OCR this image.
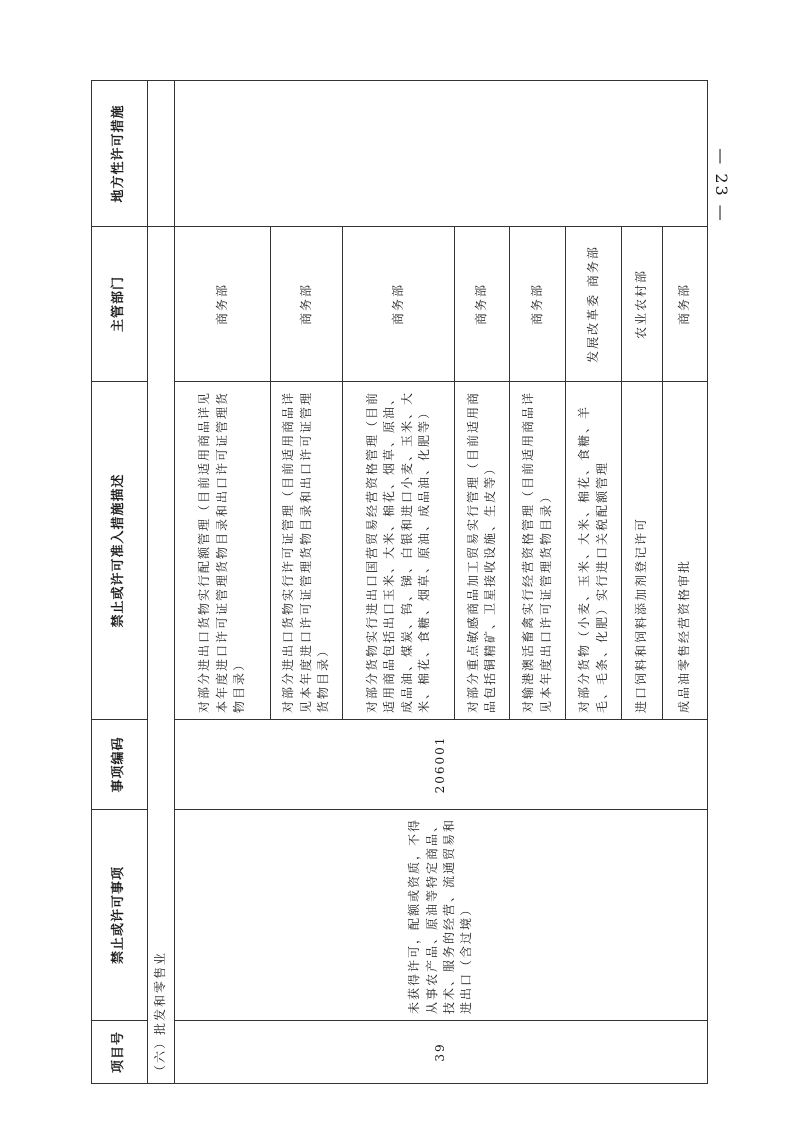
项目号	禁止或许可事项	事项编码	禁止或许可准入措施描述	主管部门	地方性许可措施
（六）批发和零售业					
39	未获得许可，配额或资质，不得从事农产品、原油等特定商品、技术、服务的经营、流通贸易和进出口（含过境）	206001	对部分进出口货物实行配额管理（目前适用商品详见本年度进口许可证管理货物目录和出口许可证管理货物目录）	商务部	
			对部分进出口货物实行许可证管理（目前适用商品详见本年度进口许可证管理货物目录和出口许可证管理货物目录）	商务部	
			对部分货物实行进出口国营贸易经营资格管理（目前适用商品包括出口玉米、大米、棉花、烟草、原油、成品油、煤炭、钨、锑、白银和进口小麦、玉米、大米、棉花、食糖、烟草、原油、成品油、化肥等）	商务部	
			对部分重点敏感商品加工贸易实行管理（目前适用商品包括铜精矿、卫星接收设施、生皮等）	商务部	
			对输港澳活畜禽实行经营资格管理（目前适用商品详见本年度出口许可证管理货物目录）	商务部	
			对部分货物（小麦、玉米、大米、棉花、食糖、羊毛、毛条、化肥）实行进口关税配额管理	发展改革委 商务部	
			进口饲料和饲料添加剂登记许可	农业农村部	
			成品油零售经营资格审批	商务部	
— 23 —
